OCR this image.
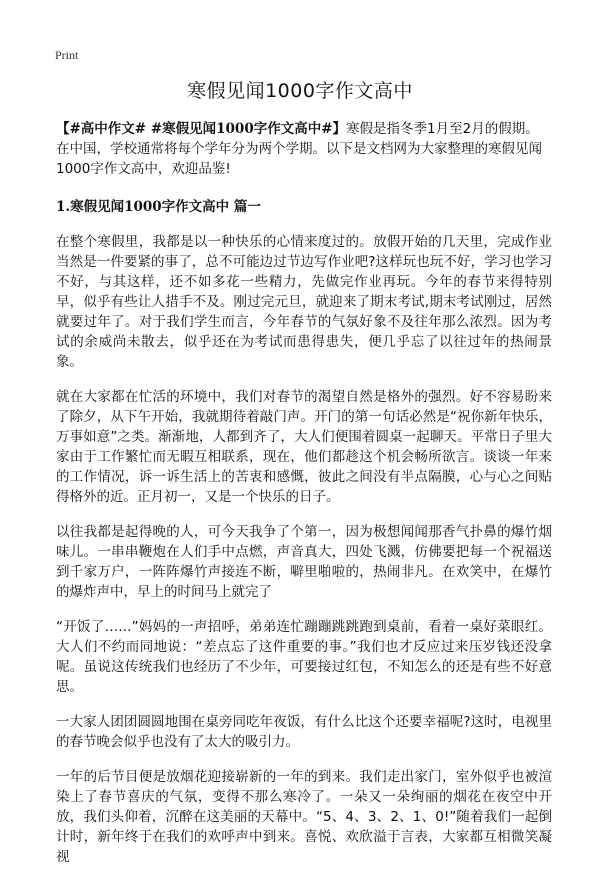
Print
寒假见闻1000字作文高中

【#高中作文# #寒假见闻1000字作文高中#】寒假是指冬季1月至2月的假期。在中国，学校通常将每个学年分为两个学期。以下是文档网为大家整理的寒假见闻1000字作文高中，欢迎品鉴!

1.寒假见闻1000字作文高中 篇一

在整个寒假里，我都是以一种快乐的心情来度过的。放假开始的几天里，完成作业当然是一件要紧的事了，总不可能边过节边写作业吧?这样玩也玩不好，学习也学习不好，与其这样，还不如多花一些精力，先做完作业再玩。今年的春节来得特别早，似乎有些让人措手不及。刚过完元旦，就迎来了期末考试,期末考试刚过，居然就要过年了。对于我们学生而言，今年春节的气氛好象不及往年那么浓烈。因为考试的余威尚未散去，似乎还在为考试而患得患失，便几乎忘了以往过年的热闹景象。

就在大家都在忙活的环境中，我们对春节的渴望自然是格外的强烈。好不容易盼来了除夕，从下午开始，我就期待着敲门声。开门的第一句话必然是“祝你新年快乐，万事如意”之类。渐渐地，人都到齐了，大人们便围着圆桌一起聊天。平常日子里大家由于工作繁忙而无暇互相联系，现在，他们都趁这个机会畅所欲言。谈谈一年来的工作情况，诉一诉生活上的苦衷和感慨，彼此之间没有半点隔膜，心与心之间贴得格外的近。正月初一，又是一个快乐的日子。

以往我都是起得晚的人，可今天我争了个第一，因为极想闻闻那香气扑鼻的爆竹烟味儿。一串串鞭炮在人们手中点燃，声音真大，四处飞溅，仿佛要把每一个祝福送到千家万户，一阵阵爆竹声接连不断，噼里啪啦的，热闹非凡。在欢笑中，在爆竹的爆炸声中，早上的时间马上就完了

“开饭了……”妈妈的一声招呼，弟弟连忙蹦蹦跳跳跑到桌前，看着一桌好菜眼红。大人们不约而同地说：“差点忘了这件重要的事。”我们也才反应过来压岁钱还没拿呢。虽说这传统我们也经历了不少年，可要接过红包，不知怎么的还是有些不好意思。

一大家人团团圆圆地围在桌旁同吃年夜饭，有什么比这个还要幸福呢?这时，电视里的春节晚会似乎也没有了太大的吸引力。

一年的后节目便是放烟花迎接崭新的一年的到来。我们走出家门，室外似乎也被渲染上了春节喜庆的气氛，变得不那么寒冷了。一朵又一朵绚丽的烟花在夜空中开放，我们头仰着，沉醉在这美丽的天幕中。“5、4、3、2、1、0!”随着我们一起倒计时，新年终于在我们的欢呼声中到来。喜悦、欢欣溢于言表，大家都互相微笑凝视
